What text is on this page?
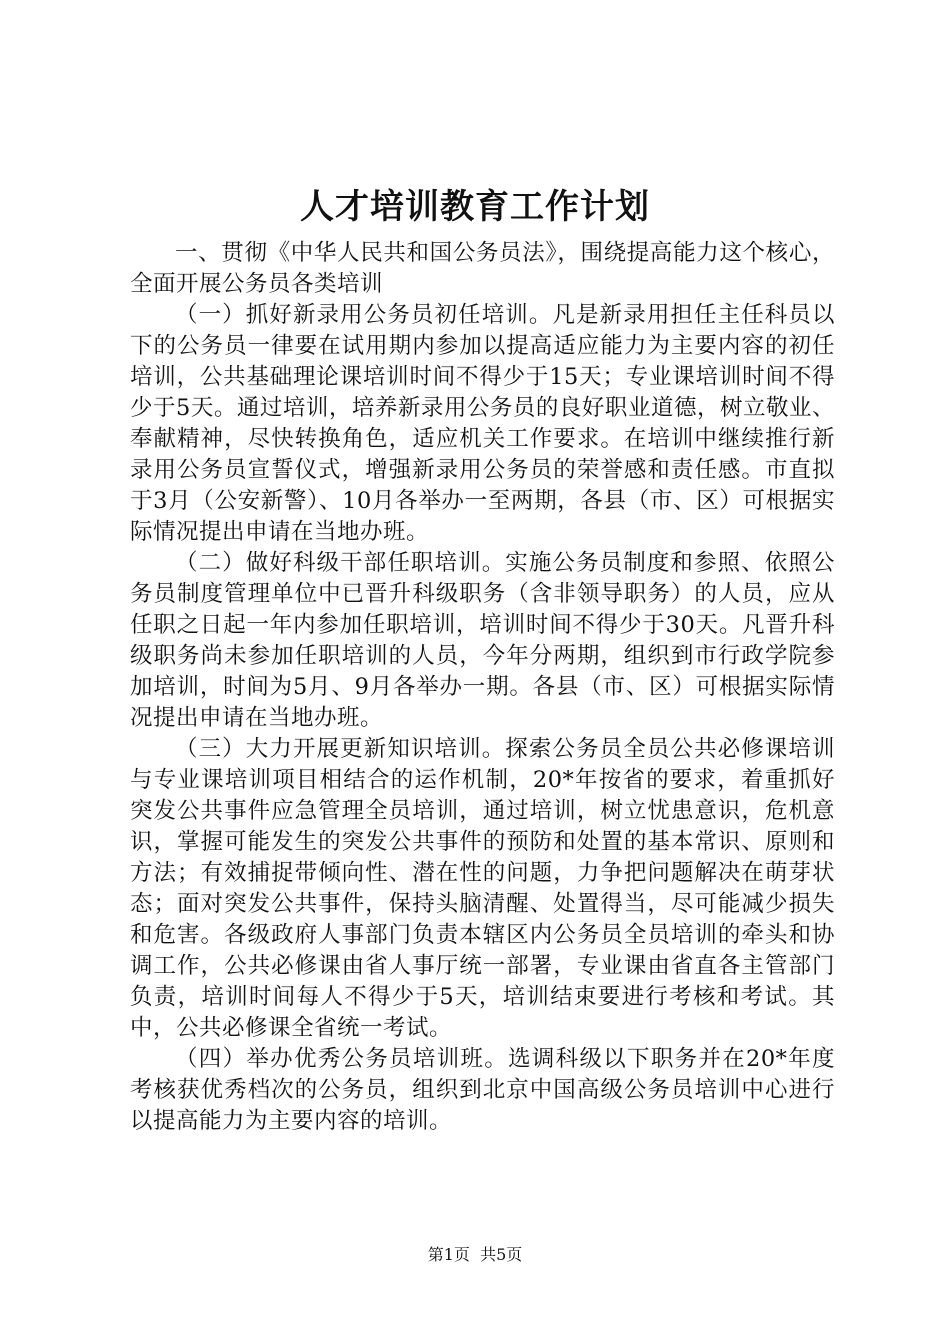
人才培训教育工作计划

一、贯彻《中华人民共和国公务员法》，围绕提高能力这个核心，全面开展公务员各类培训

（一）抓好新录用公务员初任培训。凡是新录用担任主任科员以下的公务员一律要在试用期内参加以提高适应能力为主要内容的初任培训，公共基础理论课培训时间不得少于15天；专业课培训时间不得少于5天。通过培训，培养新录用公务员的良好职业道德，树立敬业、奉献精神，尽快转换角色，适应机关工作要求。在培训中继续推行新录用公务员宣誓仪式，增强新录用公务员的荣誉感和责任感。市直拟于3月（公安新警）、10月各举办一至两期，各县（市、区）可根据实际情况提出申请在当地办班。

（二）做好科级干部任职培训。实施公务员制度和参照、依照公务员制度管理单位中已晋升科级职务（含非领导职务）的人员，应从任职之日起一年内参加任职培训，培训时间不得少于30天。凡晋升科级职务尚未参加任职培训的人员，今年分两期，组织到市行政学院参加培训，时间为5月、9月各举办一期。各县（市、区）可根据实际情况提出申请在当地办班。

（三）大力开展更新知识培训。探索公务员全员公共必修课培训与专业课培训项目相结合的运作机制，20*年按省的要求，着重抓好突发公共事件应急管理全员培训，通过培训，树立忧患意识，危机意识，掌握可能发生的突发公共事件的预防和处置的基本常识、原则和方法；有效捕捉带倾向性、潜在性的问题，力争把问题解决在萌芽状态；面对突发公共事件，保持头脑清醒、处置得当，尽可能减少损失和危害。各级政府人事部门负责本辖区内公务员全员培训的牵头和协调工作，公共必修课由省人事厅统一部署，专业课由省直各主管部门负责，培训时间每人不得少于5天，培训结束要进行考核和考试。其中，公共必修课全省统一考试。

（四）举办优秀公务员培训班。选调科级以下职务并在20*年度考核获优秀档次的公务员，组织到北京中国高级公务员培训中心进行以提高能力为主要内容的培训。

第1页 共5页
